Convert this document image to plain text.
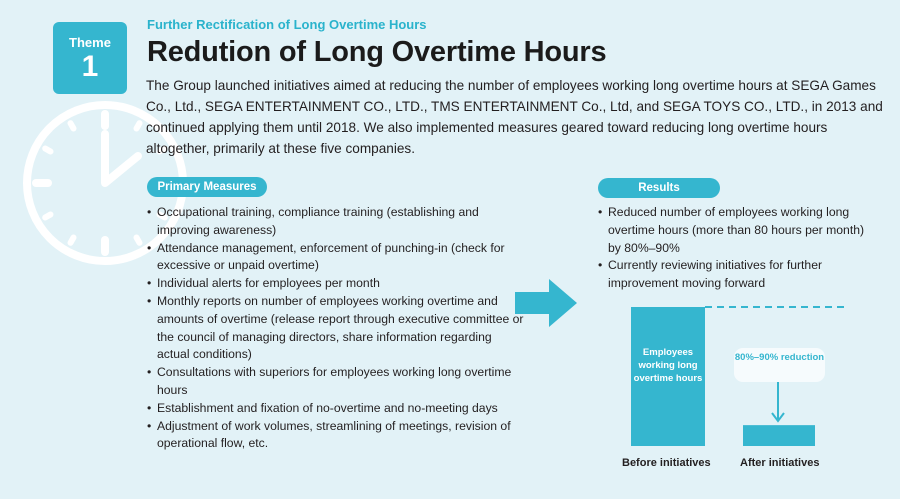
Theme
1
Further Rectification of Long Overtime Hours
Redution of Long Overtime Hours

The Group launched initiatives aimed at reducing the number of employees working long overtime hours at SEGA Games Co., Ltd., SEGA ENTERTAINMENT CO., LTD., TMS ENTERTAINMENT Co., Ltd, and SEGA TOYS CO., LTD., in 2013 and continued applying them until 2018. We also implemented measures geared toward reducing long overtime hours altogether, primarily at these five companies.

Primary Measures
• Occupational training, compliance training (establishing and improving awareness)
• Attendance management, enforcement of punching-in (check for excessive or unpaid overtime)
• Individual alerts for employees per month
• Monthly reports on number of employees working overtime and amounts of overtime (release report through executive committee or the council of managing directors, share information regarding actual conditions)
• Consultations with superiors for employees working long overtime hours
• Establishment and fixation of no-overtime and no-meeting days
• Adjustment of work volumes, streamlining of meetings, revision of operational flow, etc.
Results
• Reduced number of employees working long overtime hours (more than 80 hours per month) by 80%–90%
• Currently reviewing initiatives for further improvement moving forward
Employees working long overtime hours
80%–90% reduction
Before initiatives	After initiatives
